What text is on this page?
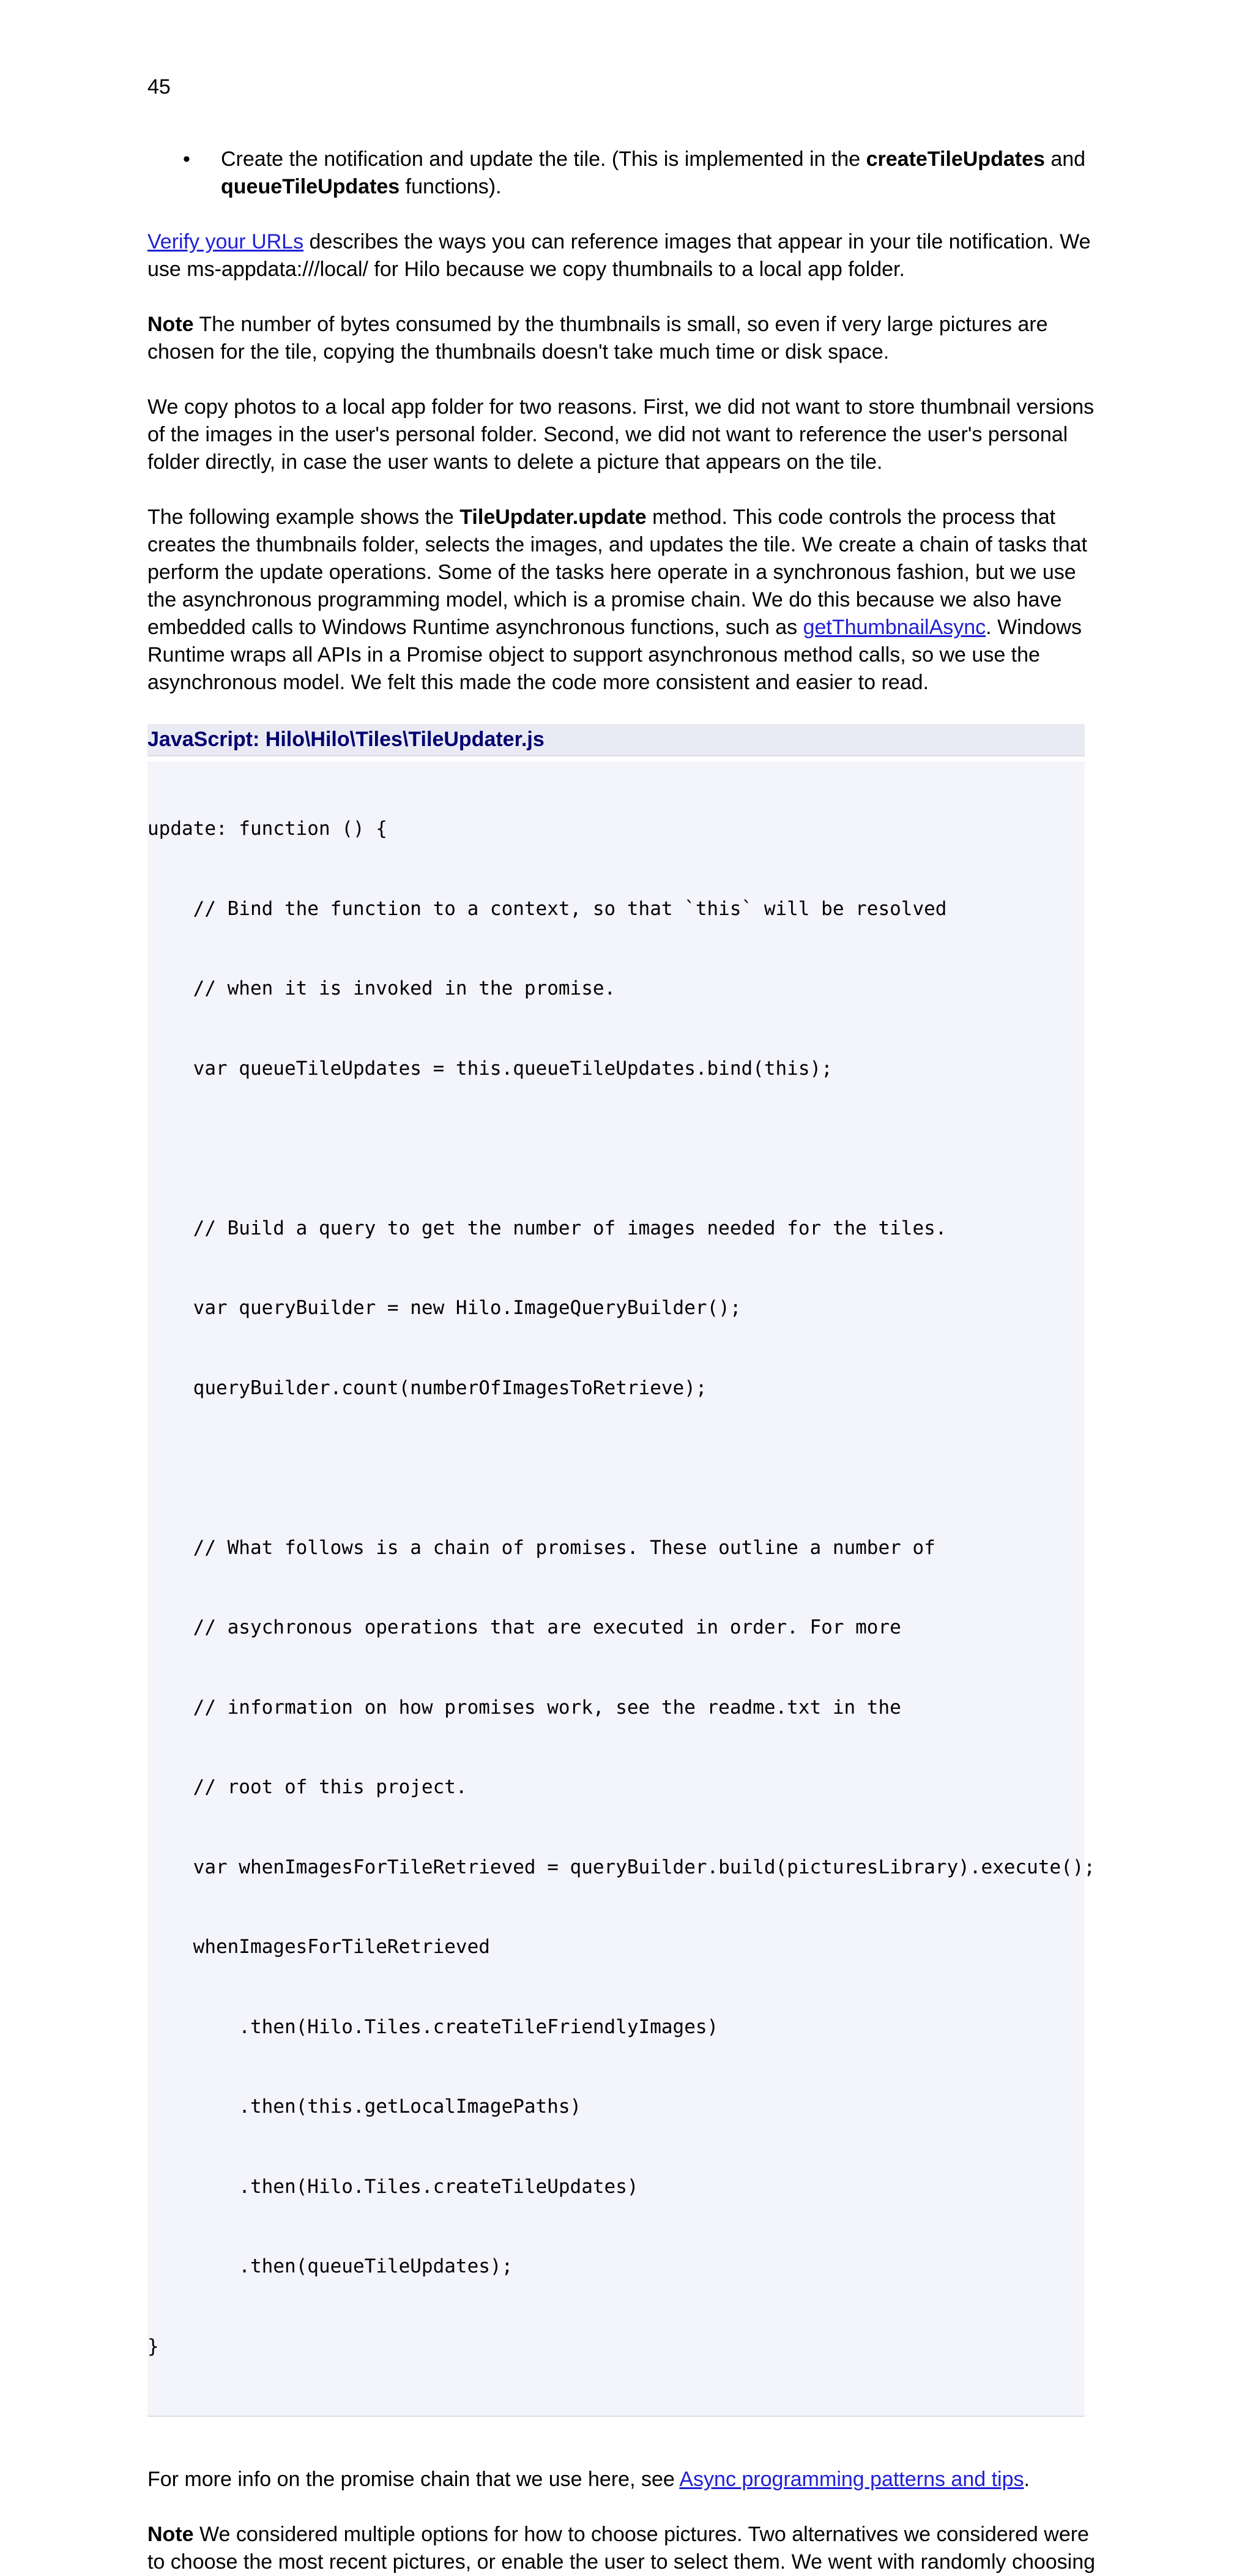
45
• Create the notification and update the tile. (This is implemented in the createTileUpdates and queueTileUpdates functions).

Verify your URLs describes the ways you can reference images that appear in your tile notification. We use ms-appdata:///local/ for Hilo because we copy thumbnails to a local app folder.

Note The number of bytes consumed by the thumbnails is small, so even if very large pictures are chosen for the tile, copying the thumbnails doesn't take much time or disk space.

We copy photos to a local app folder for two reasons. First, we did not want to store thumbnail versions of the images in the user's personal folder. Second, we did not want to reference the user's personal folder directly, in case the user wants to delete a picture that appears on the tile.

The following example shows the TileUpdater.update method. This code controls the process that creates the thumbnails folder, selects the images, and updates the tile. We create a chain of tasks that perform the update operations. Some of the tasks here operate in a synchronous fashion, but we use the asynchronous programming model, which is a promise chain. We do this because we also have embedded calls to Windows Runtime asynchronous functions, such as getThumbnailAsync. Windows Runtime wraps all APIs in a Promise object to support asynchronous method calls, so we use the asynchronous model. We felt this made the code more consistent and easier to read.

JavaScript: Hilo\Hilo\Tiles\TileUpdater.js

update: function () {

// Bind the function to a context, so that `this` will be resolved

// when it is invoked in the promise.

var queueTileUpdates = this.queueTileUpdates.bind(this);

// Build a query to get the number of images needed for the tiles.

var queryBuilder = new Hilo.ImageQueryBuilder();

queryBuilder.count(numberOfImagesToRetrieve);

// What follows is a chain of promises. These outline a number of

// asychronous operations that are executed in order. For more

// information on how promises work, see the readme.txt in the

// root of this project.

var whenImagesForTileRetrieved = queryBuilder.build(picturesLibrary).execute();

whenImagesForTileRetrieved

.then(Hilo.Tiles.createTileFriendlyImages)

.then(this.getLocalImagePaths)

.then(Hilo.Tiles.createTileUpdates)

.then(queueTileUpdates);

}

For more info on the promise chain that we use here, see Async programming patterns and tips.

Note We considered multiple options for how to choose pictures. Two alternatives we considered were to choose the most recent pictures, or enable the user to select them. We went with randomly choosing
